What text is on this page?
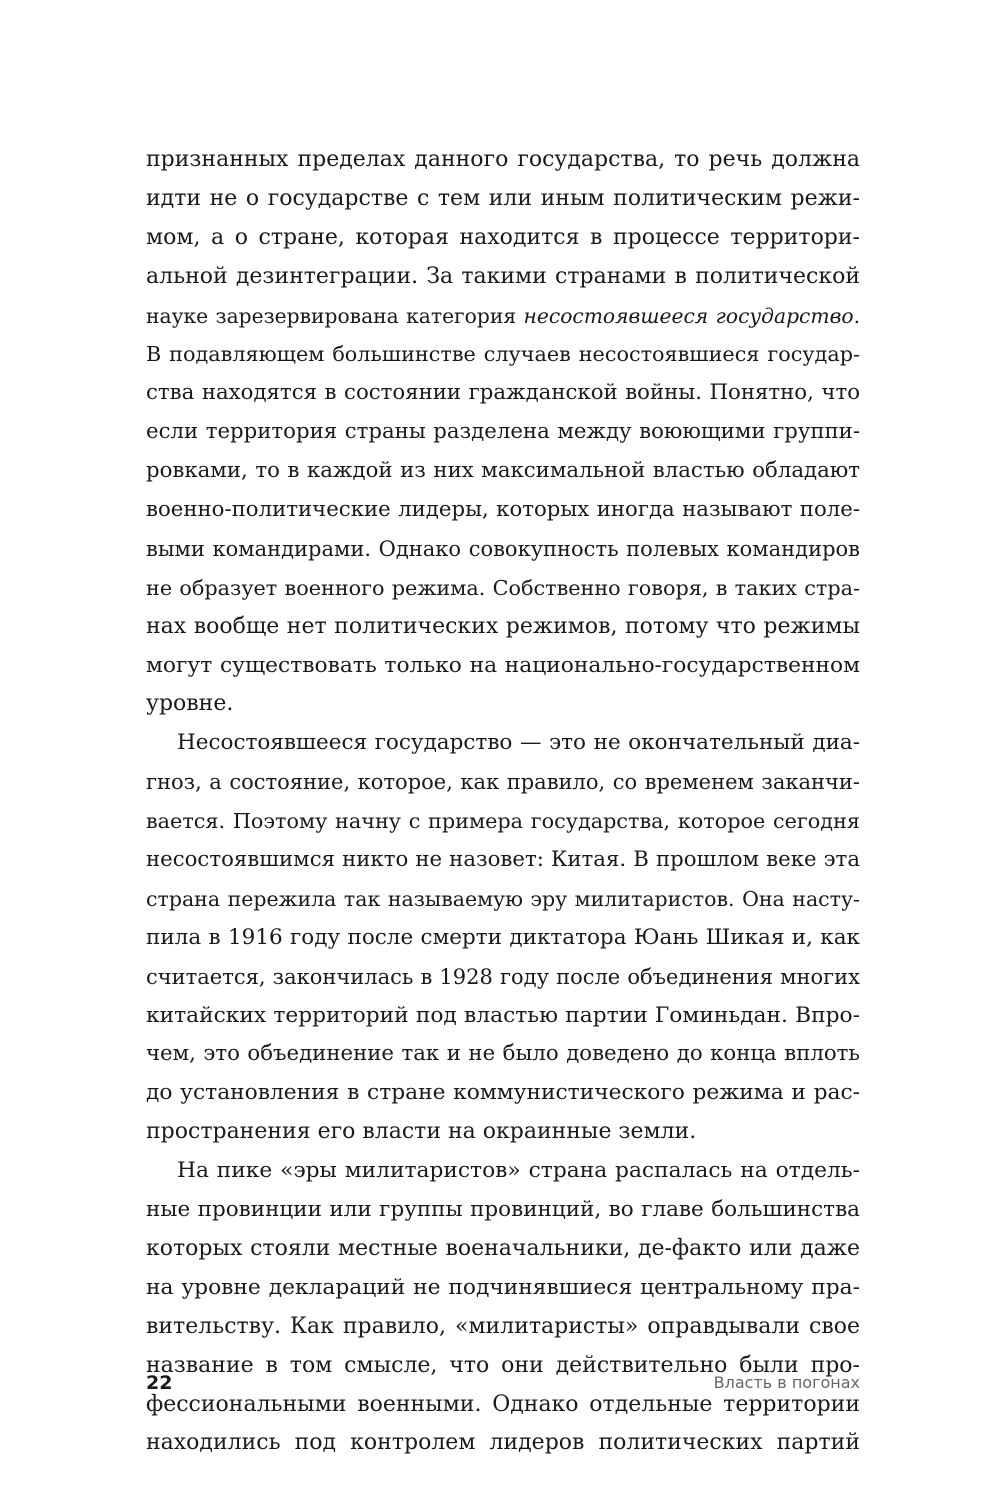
признанных пределах данного государства, то речь должна
идти не о государстве с тем или иным политическим режи-
мом, а о стране, которая находится в процессе территори-
альной дезинтеграции. За такими странами в политической
науке зарезервирована категория несостоявшееся государство.
В подавляющем большинстве случаев несостоявшиеся государ-
ства находятся в состоянии гражданской войны. Понятно, что
если территория страны разделена между воюющими группи-
ровками, то в каждой из них максимальной властью обладают
военно-политические лидеры, которых иногда называют поле-
выми командирами. Однако совокупность полевых командиров
не образует военного режима. Собственно говоря, в таких стра-
нах вообще нет политических режимов, потому что режимы
могут существовать только на национально-государственном
уровне.
Несостоявшееся государство — это не окончательный диа-
гноз, а состояние, которое, как правило, со временем заканчи-
вается. Поэтому начну с примера государства, которое сегодня
несостоявшимся никто не назовет: Китая. В прошлом веке эта
страна пережила так называемую эру милитаристов. Она насту-
пила в 1916 году после смерти диктатора Юань Шикая и, как
считается, закончилась в 1928 году после объединения многих
китайских территорий под властью партии Гоминьдан. Впро-
чем, это объединение так и не было доведено до конца вплоть
до установления в стране коммунистического режима и рас-
пространения его власти на окраинные земли.
На пике «эры милитаристов» страна распалась на отдель-
ные провинции или группы провинций, во главе большинства
которых стояли местные военачальники, де-факто или даже
на уровне деклараций не подчинявшиеся центральному пра-
вительству. Как правило, «милитаристы» оправдывали свое
название в том смысле, что они действительно были про-
фессиональными военными. Однако отдельные территории
находились под контролем лидеров политических партий
22	Власть в погонах
